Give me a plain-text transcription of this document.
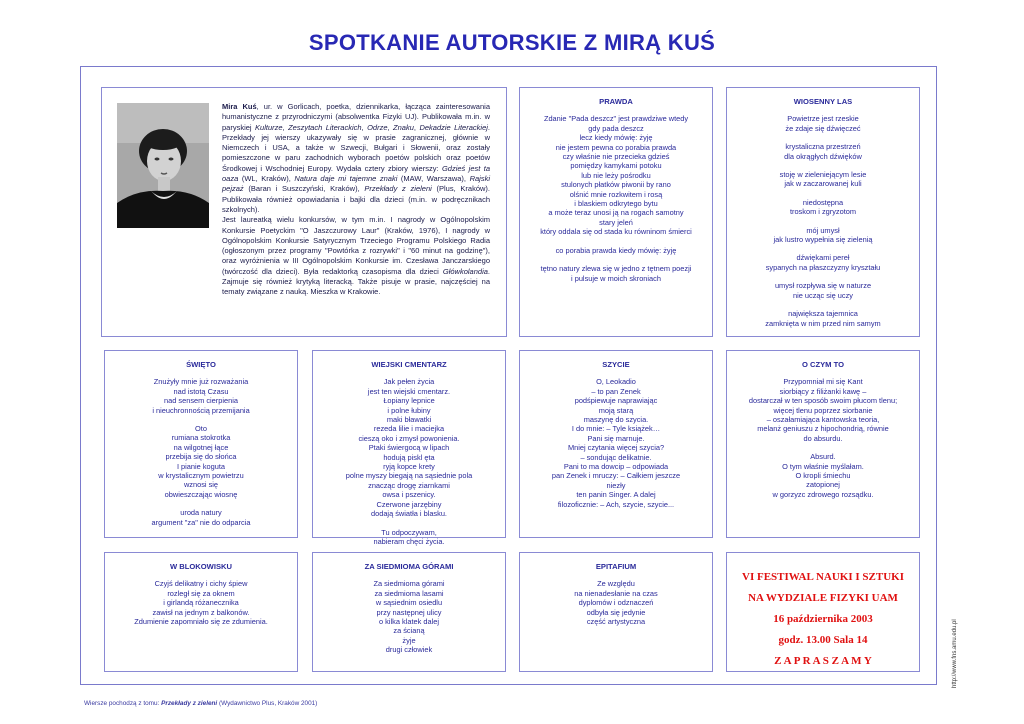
SPOTKANIE AUTORSKIE Z MIRĄ KUŚ
Mira Kuś, ur. w Gorlicach, poetka, dziennikarka, łącząca zainteresowania humanistyczne z przyrodniczymi (absolwentka Fizyki UJ). Publikowała m.in. w paryskiej Kulturze, Zeszytach Literackich, Odrze, Znaku, Dekadzie Literackiej. Przekłady jej wierszy ukazywały się w prasie zagranicznej, głównie w Niemczech i USA, a także w Szwecji, Bułgari i Słowenii, oraz zostały pomieszczone w paru zachodnich wyborach poetów polskich oraz poetów Środkowej i Wschodniej Europy. Wydała cztery zbiory wierszy: Gdzieś jest ta oaza (WL, Kraków), Natura daje mi tajemne znaki (MAW, Warszawa), Rajski pejzaż (Baran i Suszczyński, Kraków), Przekłady z zieleni (Plus, Kraków). Publikowała również opowiadania i bajki dla dzieci (m.in. w podręcznikach szkolnych).
Jest laureatką wielu konkursów, w tym m.in. I nagrody w Ogólnopolskim Konkursie Poetyckim "O Jaszczurowy Laur" (Kraków, 1976), I nagrody w Ogólnopolskim Konkursie Satyrycznym Trzeciego Programu Polskiego Radia (ogłoszonym przez programy "Powtórka z rozrywki" i "60 minut na godzinę"), oraz wyróżnienia w III Ogólnopolskim Konkursie im. Czesława Janczarskiego (twórczość dla dzieci). Była redaktorką czasopisma dla dzieci Główkolandia. Zajmuje się również krytyką literacką. Także pisuje w prasie, najczęściej na tematy związane z nauką. Mieszka w Krakowie.
PRAWDA
Zdanie "Pada deszcz" jest prawdziwe wtedy
gdy pada deszcz
lecz kiedy mówię: żyję
nie jestem pewna co porabia prawda
czy właśnie nie przecieka gdzieś
pomiędzy kamykami potoku
lub nie leży pośrodku
stulonych płatków piwonii by rano
olśnić mnie rozkwitem i rosą
i blaskiem odkrytego bytu
a może teraz unosi ją na rogach samotny
stary jeleń
który oddala się od stada ku równinom śmierci
co porabia prawda kiedy mówię: żyję
tętno natury zlewa się w jedno z tętnem poezji
i pulsuje w moich skroniach
WIOSENNY LAS
Powietrze jest rzeskie
że zdaje się dźwięczeć
krystaliczna przestrzeń
dla okrągłych dźwięków
stoję w zieleniejącym lesie
jak w zaczarowanej kuli
niedostępna
troskom i zgryzotom
mój umysł
jak lustro wypełnia się zielenią
dźwiękami pereł
sypanych na płaszczyzny kryształu
umysł rozpływa się w naturze
nie ucząc się uczy
największa tajemnica
zamknięta w nim przed nim samym
ŚWIĘTO
Znużyły mnie już rozważania
nad istotą Czasu
nad sensem cierpienia
i nieuchronnością przemijania
Oto
rumiana stokrotka
na wilgotnej łące
przebija się do słońca
I pianie koguta
w krystalicznym powietrzu
wznosi się
obwieszczając wiosnę
uroda natury
argument "za" nie do odparcia
WIEJSKI CMENTARZ
Jak pełen życia
jest ten wiejski cmentarz.
Łopiany lepnice
i polne łubiny
maki bławatki
rezeda lilie i maciejka
cieszą oko i zmysł powonienia.
Ptaki świergocą w lipach
hodują piskl ęta
ryją kopce krety
polne myszy biegają na sąsiednie pola
znacząc drogę ziarnkami
owsa i pszenicy.
Czerwone jarzębiny
dodają światła i blasku.
Tu odpoczywam,
nabieram chęci życia.
SZYCIE
O, Leokadio
– to pan Zenek
podśpiewuje naprawiając
moją starą
maszynę do szycia.
I do mnie: – Tyle książek…
Pani się marnuje.
Mniej czytania więcej szycia?
– sondując delikatnie.
Pani to ma dowcip – odpowiada
pan Zenek i mruczy: – Całkiem jeszcze
niezły
ten panin Singer. A dalej
filozoficznie: – Ach, szycie, szycie...
O CZYM TO
Przypomniał mi się Kant
siorbiący z filiżanki kawę –
dostarczał w ten sposób swoim płucom tlenu;
więcej tlenu poprzez siorbanie
– oszałamiająca kantowska teoria,
melanż geniuszu z hipochondrią, równie
do absurdu.
Absurd.
O tym właśnie myślałam.
O kropli śmiechu
zatopionej
w gorzyzc zdrowego rozsądku.
W BLOKOWISKU
Czyjś delikatny i cichy śpiew
rozległ się za oknem
i girlandą różanecznika
zawisł na jednym z balkonów.
Zdumienie zapomniało się ze zdumienia.
ZA SIEDMIOMA GÓRAMI
Za siedmioma górami
za siedmioma lasami
w sąsiednim osiedlu
przy następnej ulicy
o kilka klatek dalej
za ścianą
żyje
drugi człowiek
EPITAFIUM
Ze względu
na nienadesłanie na czas
dyplomów i odznaczeń
odbyła się jedynie
część artystyczna
VI FESTIWAL NAUKI I SZTUKI
NA WYDZIALE FIZYKI UAM
16 października 2003
godz. 13.00 Sala 14
Z A P R A S Z A M Y	http://www.fns.amu.edu.pl
Wiersze pochodzą z tomu: Przekłady z zieleni (Wydawnictwo Plus, Kraków 2001)
